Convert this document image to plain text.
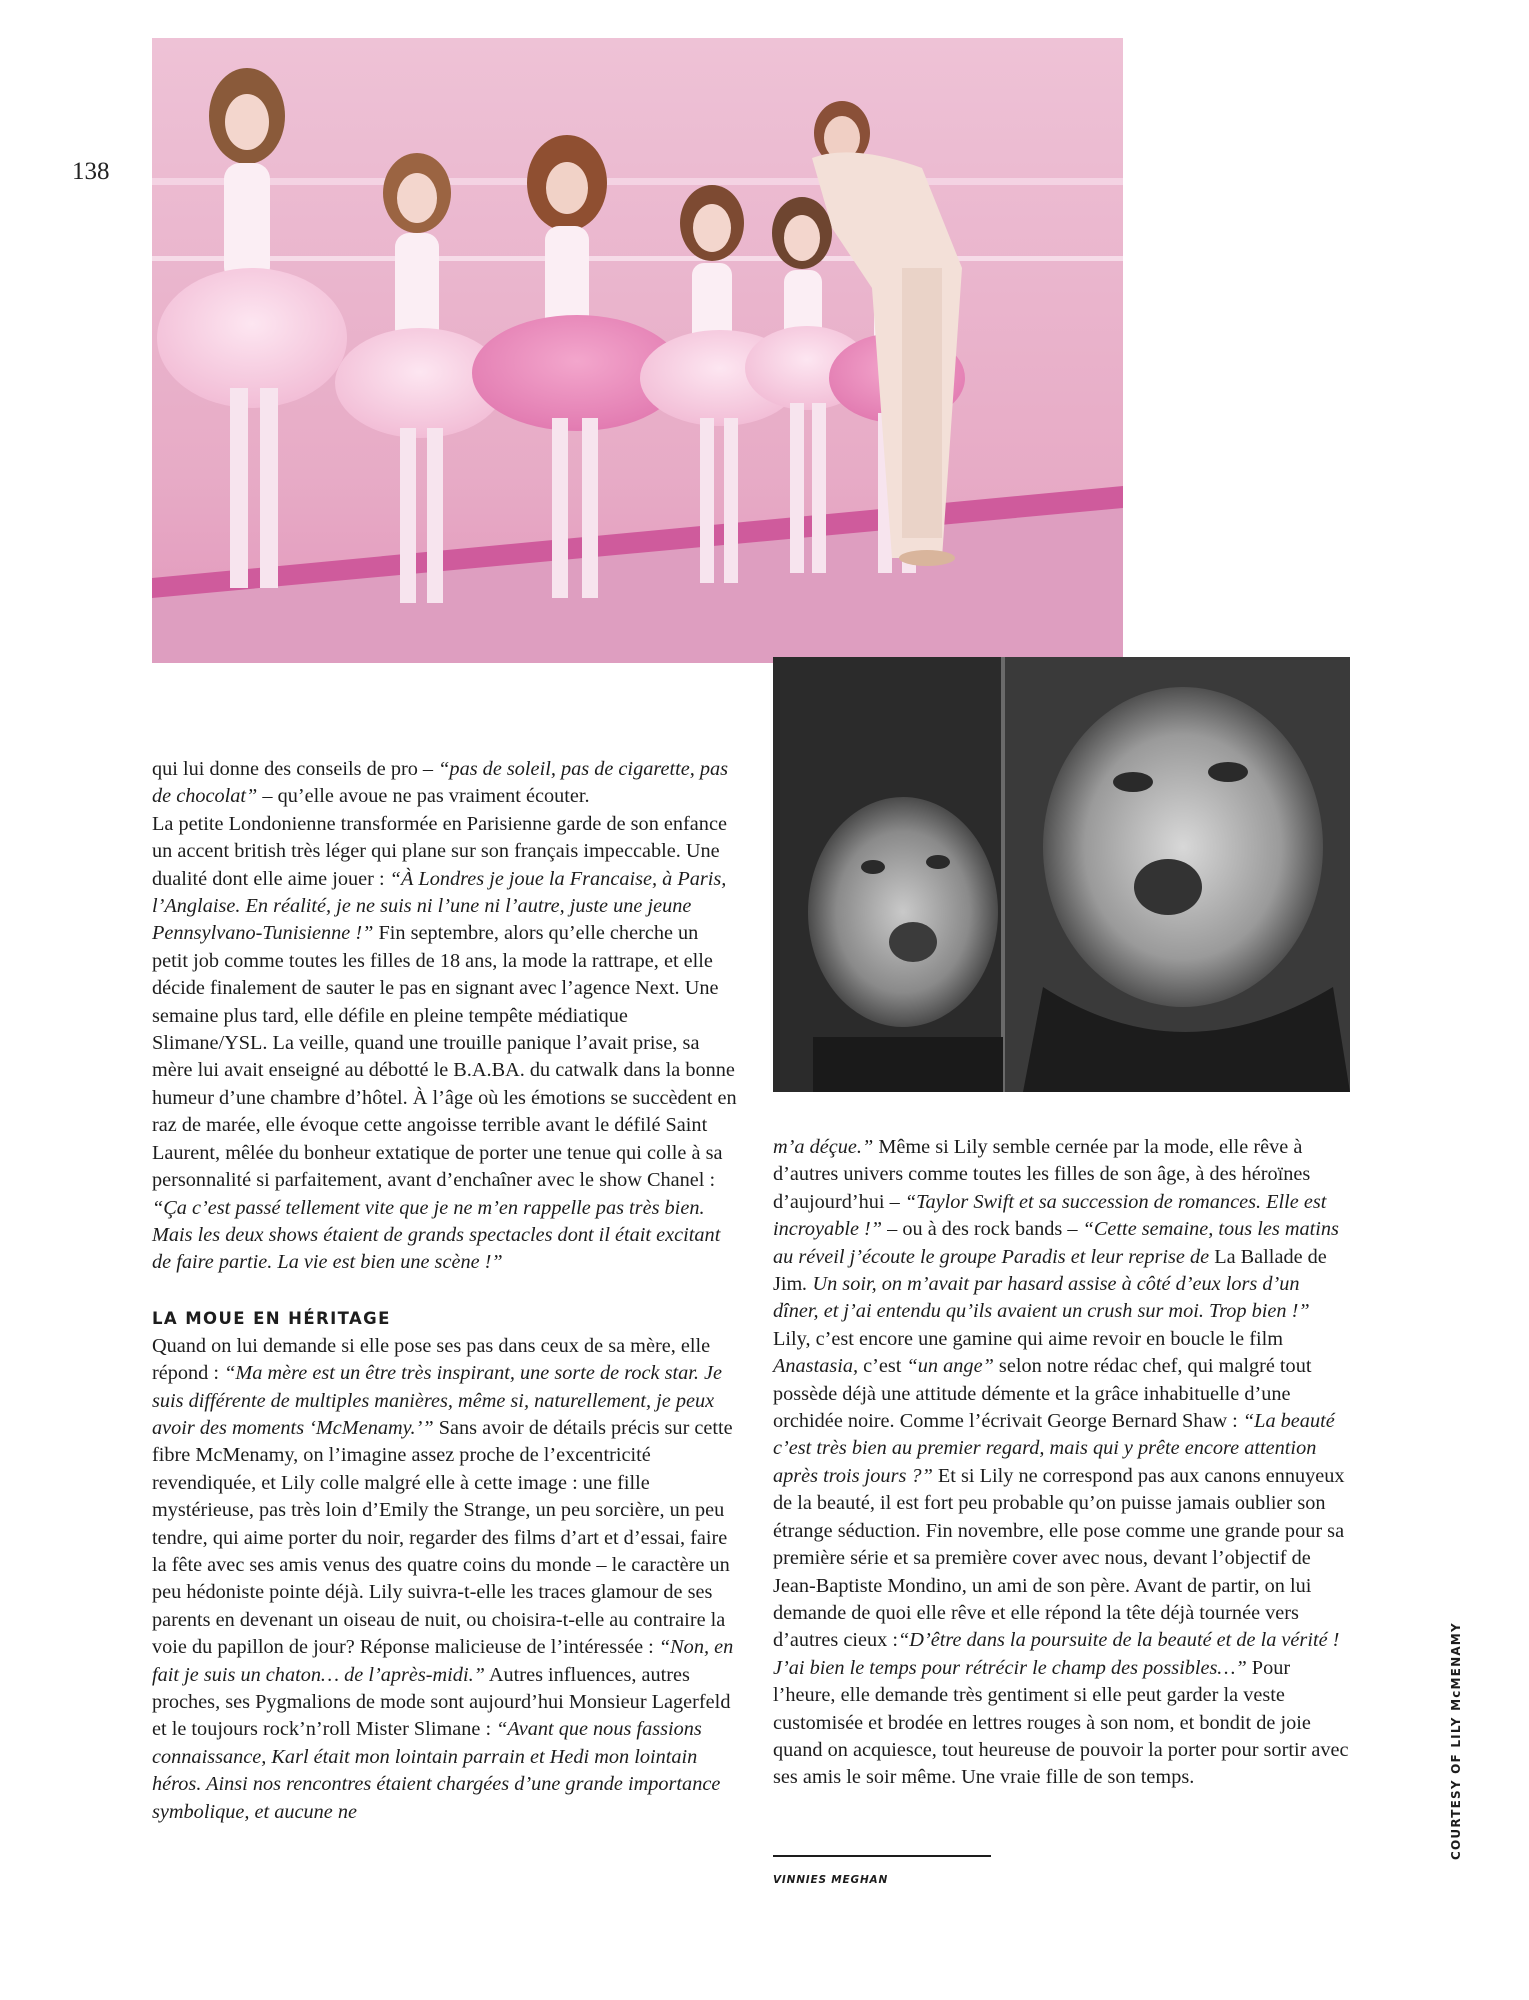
138

qui lui donne des conseils de pro – “pas de soleil, pas de cigarette, pas de chocolat” – qu’elle avoue ne pas vraiment écouter.

La petite Londonienne transformée en Parisienne garde de son enfance un accent british très léger qui plane sur son français impeccable. Une dualité dont elle aime jouer : “À Londres je joue la Francaise, à Paris, l’Anglaise. En réalité, je ne suis ni l’une ni l’autre, juste une jeune Pennsylvano-Tunisienne !” Fin septembre, alors qu’elle cherche un petit job comme toutes les filles de 18 ans, la mode la rattrape, et elle décide finalement de sauter le pas en signant avec l’agence Next. Une semaine plus tard, elle défile en pleine tempête médiatique Slimane/YSL. La veille, quand une trouille panique l’avait prise, sa mère lui avait enseigné au débotté le B.A.BA. du catwalk dans la bonne humeur d’une chambre d’hôtel. À l’âge où les émotions se succèdent en raz de marée, elle évoque cette angoisse terrible avant le défilé Saint Laurent, mêlée du bonheur extatique de porter une tenue qui colle à sa personnalité si parfaitement, avant d’enchaîner avec le show Chanel : “Ça c’est passé tellement vite que je ne m’en rappelle pas très bien. Mais les deux shows étaient de grands spectacles dont il était excitant de faire partie. La vie est bien une scène !”

LA MOUE EN HÉRITAGE

Quand on lui demande si elle pose ses pas dans ceux de sa mère, elle répond : “Ma mère est un être très inspirant, une sorte de rock star. Je suis différente de multiples manières, même si, naturellement, je peux avoir des moments ‘McMenamy.’” Sans avoir de détails précis sur cette fibre McMenamy, on l’imagine assez proche de l’excentricité revendiquée, et Lily colle malgré elle à cette image : une fille mystérieuse, pas très loin d’Emily the Strange, un peu sorcière, un peu tendre, qui aime porter du noir, regarder des films d’art et d’essai, faire la fête avec ses amis venus des quatre coins du monde – le caractère un peu hédoniste pointe déjà. Lily suivra-t-elle les traces glamour de ses parents en devenant un oiseau de nuit, ou choisira-t-elle au contraire la voie du papillon de jour? Réponse malicieuse de l’intéressée : “Non, en fait je suis un chaton… de l’après-midi.” Autres influences, autres proches, ses Pygmalions de mode sont aujourd’hui Monsieur Lagerfeld et le toujours rock’n’roll Mister Slimane : “Avant que nous fassions connaissance, Karl était mon lointain parrain et Hedi mon lointain héros. Ainsi nos rencontres étaient chargées d’une grande importance symbolique, et aucune ne

m’a déçue.” Même si Lily semble cernée par la mode, elle rêve à d’autres univers comme toutes les filles de son âge, à des héroïnes d’aujourd’hui – “Taylor Swift et sa succession de romances. Elle est incroyable !” – ou à des rock bands – “Cette semaine, tous les matins au réveil j’écoute le groupe Paradis et leur reprise de La Ballade de Jim. Un soir, on m’avait par hasard assise à côté d’eux lors d’un dîner, et j’ai entendu qu’ils avaient un crush sur moi. Trop bien !” Lily, c’est encore une gamine qui aime revoir en boucle le film Anastasia, c’est “un ange” selon notre rédac chef, qui malgré tout possède déjà une attitude démente et la grâce inhabituelle d’une orchidée noire. Comme l’écrivait George Bernard Shaw : “La beauté c’est très bien au premier regard, mais qui y prête encore attention après trois jours ?” Et si Lily ne correspond pas aux canons ennuyeux de la beauté, il est fort peu probable qu’on puisse jamais oublier son étrange séduction. Fin novembre, elle pose comme une grande pour sa première série et sa première cover avec nous, devant l’objectif de Jean-Baptiste Mondino, un ami de son père. Avant de partir, on lui demande de quoi elle rêve et elle répond la tête déjà tournée vers d’autres cieux :“D’être dans la poursuite de la beauté et de la vérité ! J’ai bien le temps pour rétrécir le champ des possibles…” Pour l’heure, elle demande très gentiment si elle peut garder la veste customisée et brodée en lettres rouges à son nom, et bondit de joie quand on acquiesce, tout heureuse de pouvoir la porter pour sortir avec ses amis le soir même. Une vraie fille de son temps.

VINNIES MEGHAN
COURTESY OF LILY McMENAMY
